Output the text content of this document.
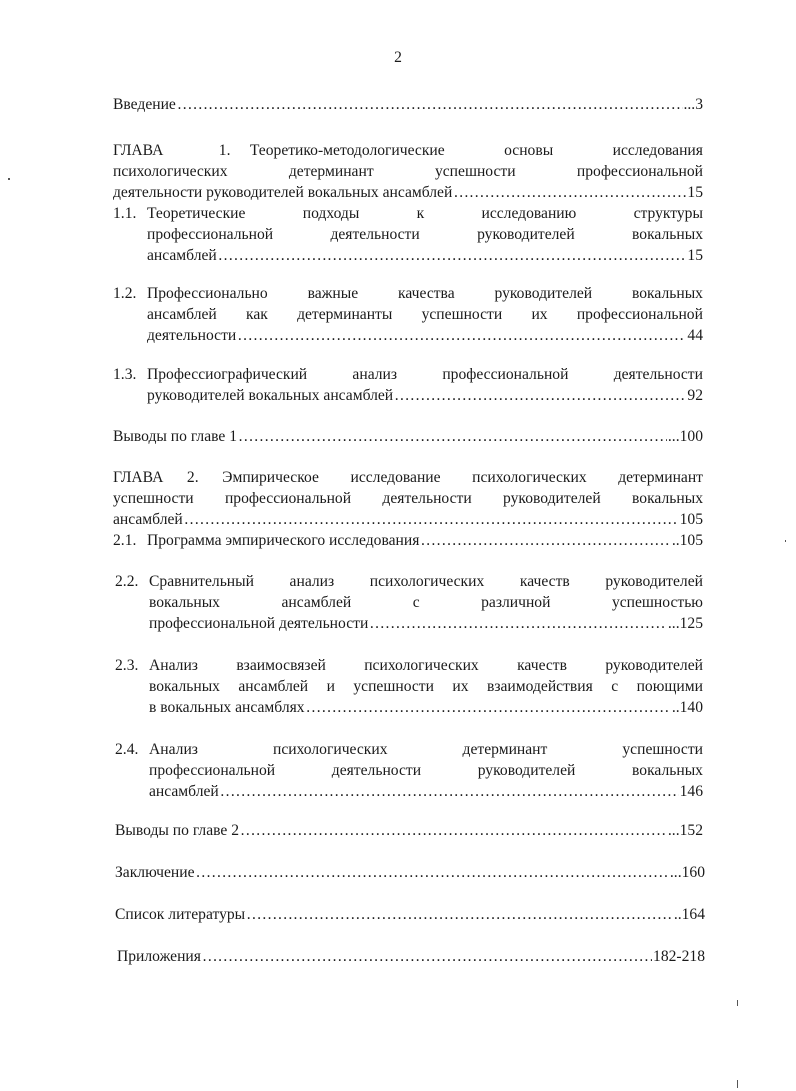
2
Введение …………………………………………………………………………………………………………………………………………………………………………	...3
ГЛАВА	1. Теоретико-методологические	основы	исследования
психологических	детерминант	успешности	профессиональной
деятельности руководителей вокальных ансамблей …………………………………………………………………………………………………………………………………………………………………………	15
1.1. Теоретические	подходы	к	исследованию	структуры
профессиональной	деятельности	руководителей	вокальных
ансамблей …………………………………………………………………………………………………………………………………………………………………………	15
1.2. Профессионально	важные	качества	руководителей	вокальных
ансамблей как детерминанты успешности их профессиональной
деятельности …………………………………………………………………………………………………………………………………………………………………………	44
1.3. Профессиографический	анализ	профессиональной	деятельности
руководителей вокальных ансамблей …………………………………………………………………………………………………………………………………………………………………………	92
Выводы по главе 1 …………………………………………………………………………………………………………………………………………………………………………	...100
ГЛАВА 2. Эмпирическое исследование психологических детерминант
успешности профессиональной деятельности руководителей вокальных
ансамблей …………………………………………………………………………………………………………………………………………………………………………	105
2.1. Программа эмпирического исследования …………………………………………………………………………………………………………………………………………………………………………	..105
2.2. Сравнительный анализ психологических качеств руководителей
вокальных	ансамблей	с	различной	успешностью
профессиональной деятельности …………………………………………………………………………………………………………………………………………………………………………	...125
2.3. Анализ взаимосвязей психологических качеств руководителей
вокальных ансамблей и успешности их взаимодействия с поющими
в вокальных ансамблях …………………………………………………………………………………………………………………………………………………………………………	..140
2.4. Анализ	психологических	детерминант	успешности
профессиональной	деятельности	руководителей	вокальных
ансамблей …………………………………………………………………………………………………………………………………………………………………………	146
Выводы по главе 2 …………………………………………………………………………………………………………………………………………………………………………	...152
Заключение …………………………………………………………………………………………………………………………………………………………………………	...160
Список литературы …………………………………………………………………………………………………………………………………………………………………………	..164
Приложения …………………………………………………………………………………………………………………………………………………………………………	182-218
